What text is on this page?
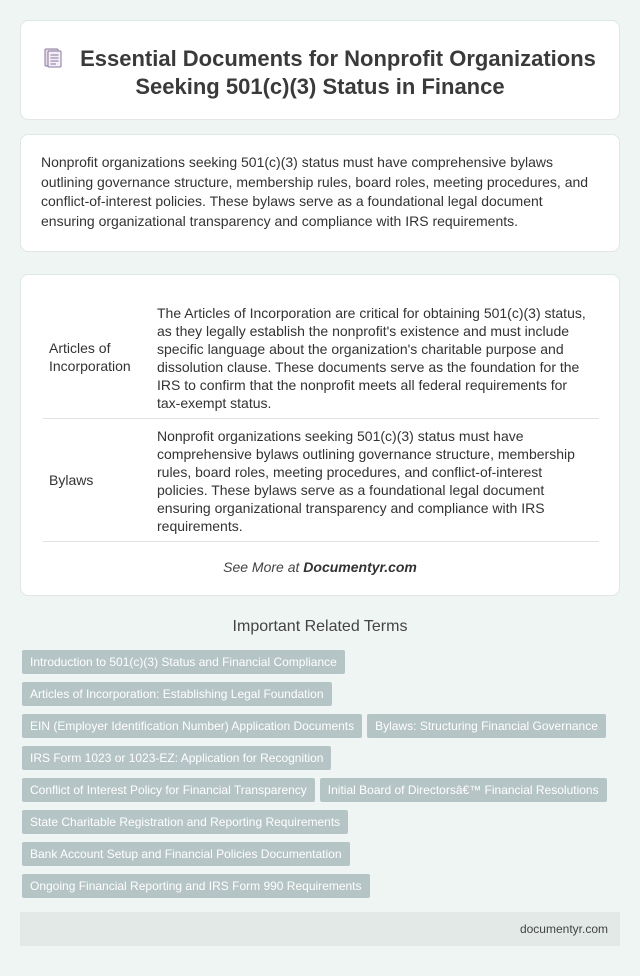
Essential Documents for Nonprofit Organizations Seeking 501(c)(3) Status in Finance

Nonprofit organizations seeking 501(c)(3) status must have comprehensive bylaws outlining governance structure, membership rules, board roles, meeting procedures, and conflict-of-interest policies. These bylaws serve as a foundational legal document ensuring organizational transparency and compliance with IRS requirements.

Articles of Incorporation	The Articles of Incorporation are critical for obtaining 501(c)(3) status, as they legally establish the nonprofit's existence and must include specific language about the organization's charitable purpose and dissolution clause. These documents serve as the foundation for the IRS to confirm that the nonprofit meets all federal requirements for tax-exempt status.
Bylaws	Nonprofit organizations seeking 501(c)(3) status must have comprehensive bylaws outlining governance structure, membership rules, board roles, meeting procedures, and conflict-of-interest policies. These bylaws serve as a foundational legal document ensuring organizational transparency and compliance with IRS requirements.
See More at Documentyr.com
Important Related Terms
Introduction to 501(c)(3) Status and Financial Compliance
Articles of Incorporation: Establishing Legal Foundation
EIN (Employer Identification Number) Application Documents Bylaws: Structuring Financial Governance
IRS Form 1023 or 1023-EZ: Application for Recognition
Conflict of Interest Policy for Financial Transparency Initial Board of Directorsâ€™ Financial Resolutions
State Charitable Registration and Reporting Requirements
Bank Account Setup and Financial Policies Documentation
Ongoing Financial Reporting and IRS Form 990 Requirements
documentyr.com
